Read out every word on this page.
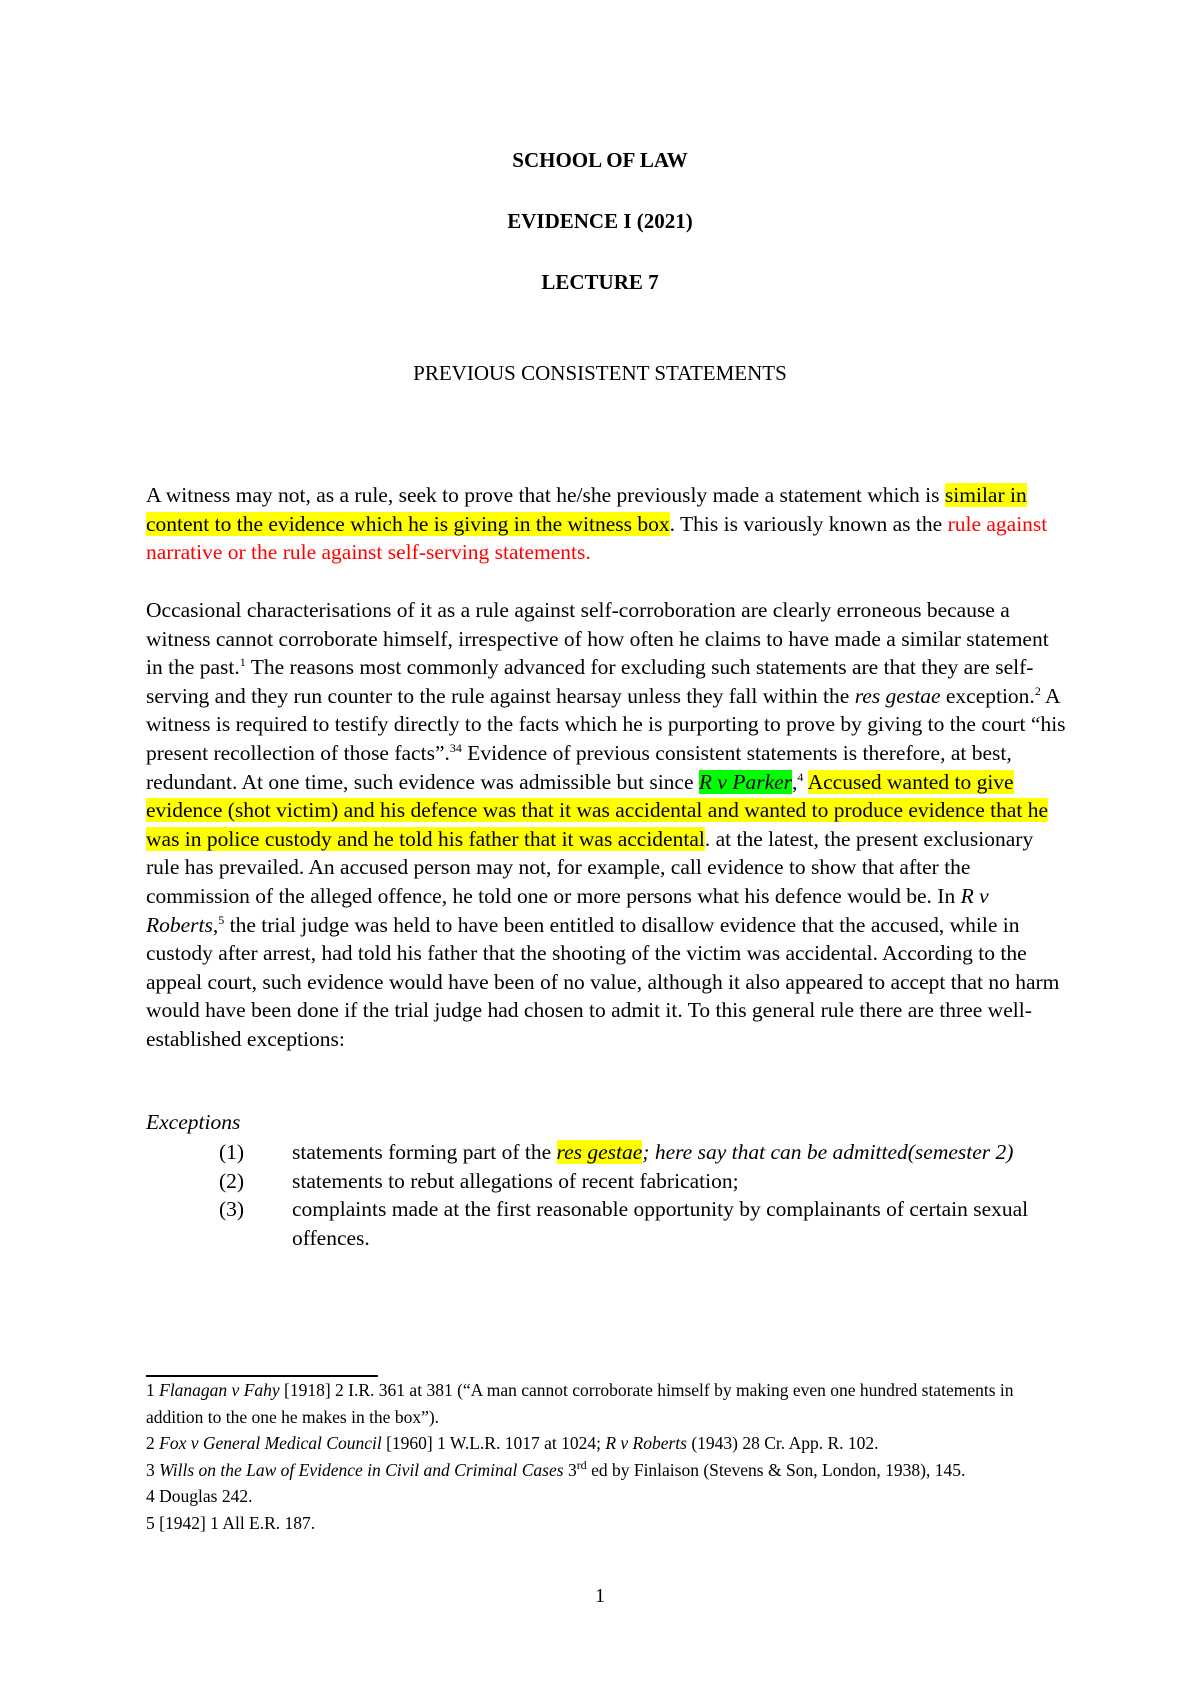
SCHOOL OF LAW
EVIDENCE I (2021)
LECTURE 7
PREVIOUS CONSISTENT STATEMENTS

A witness may not, as a rule, seek to prove that he/she previously made a statement which is similar in content to the evidence which he is giving in the witness box. This is variously known as the rule against narrative or the rule against self-serving statements.

Occasional characterisations of it as a rule against self-corroboration are clearly erroneous because a witness cannot corroborate himself, irrespective of how often he claims to have made a similar statement in the past.$^1$ The reasons most commonly advanced for excluding such statements are that they are self-serving and they run counter to the rule against hearsay unless they fall within the res gestae exception.$^2$ A witness is required to testify directly to the facts which he is purporting to prove by giving to the court “his present recollection of those facts”.$^{34}$ Evidence of previous consistent statements is therefore, at best, redundant. At one time, such evidence was admissible but since R v Parker,$^4$ Accused wanted to give evidence (shot victim) and his defence was that it was accidental and wanted to produce evidence that he was in police custody and he told his father that it was accidental. at the latest, the present exclusionary rule has prevailed. An accused person may not, for example, call evidence to show that after the commission of the alleged offence, he told one or more persons what his defence would be. In R v Roberts,$^5$ the trial judge was held to have been entitled to disallow evidence that the accused, while in custody after arrest, had told his father that the shooting of the victim was accidental. According to the appeal court, such evidence would have been of no value, although it also appeared to accept that no harm would have been done if the trial judge had chosen to admit it. To this general rule there are three well-established exceptions:

Exceptions
(1)	statements forming part of the res gestae; here say that can be admitted(semester 2)
(2)	statements to rebut allegations of recent fabrication;
(3)	complaints made at the first reasonable opportunity by complainants of certain sexual offences.

1 Flanagan v Fahy [1918] 2 I.R. 361 at 381 (“A man cannot corroborate himself by making even one hundred statements in addition to the one he makes in the box”).

2 Fox v General Medical Council [1960] 1 W.L.R. 1017 at 1024; R v Roberts (1943) 28 Cr. App. R. 102.

3 Wills on the Law of Evidence in Civil and Criminal Cases 3rd ed by Finlaison (Stevens & Son, London, 1938), 145.

4 Douglas 242.

5 [1942] 1 All E.R. 187.

1
